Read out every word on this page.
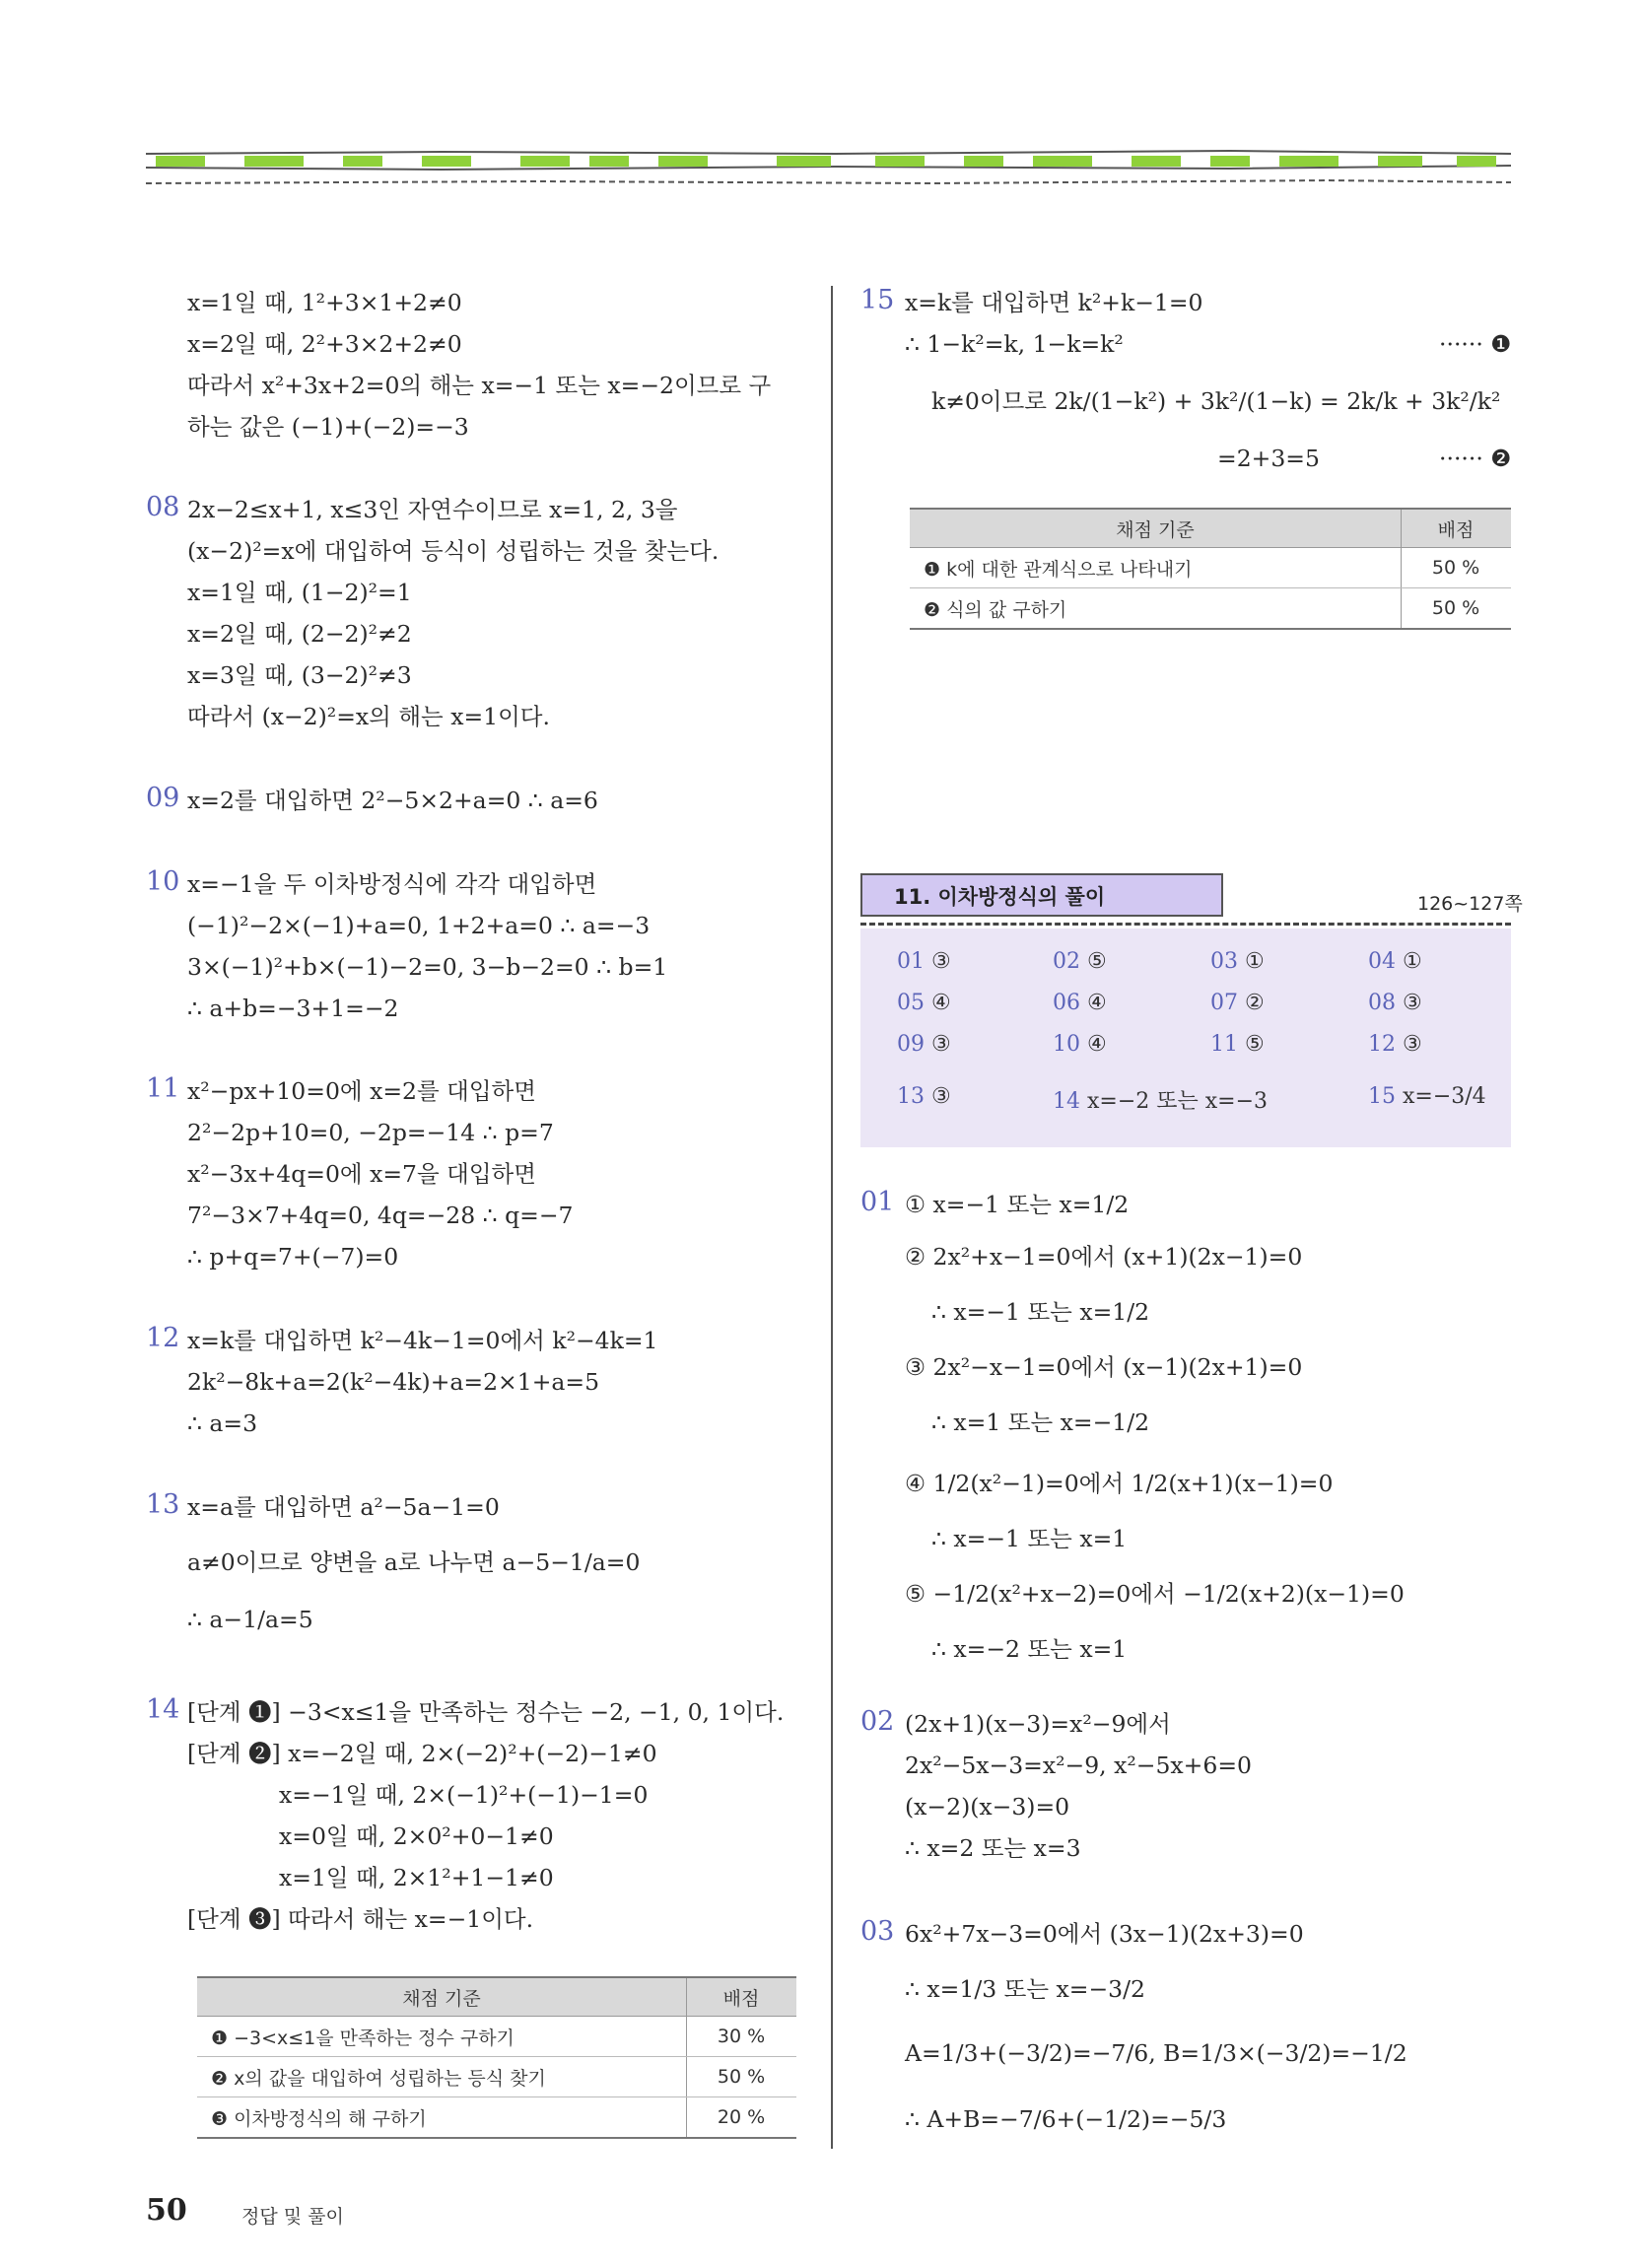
x=1일 때, 1²+3×1+2≠0
x=2일 때, 2²+3×2+2≠0
따라서 x²+3x+2=0의 해는 x=−1 또는 x=−2이므로 구
하는 값은 (−1)+(−2)=−3
08 2x−2≤x+1, x≤3인 자연수이므로 x=1, 2, 3을
(x−2)²=x에 대입하여 등식이 성립하는 것을 찾는다.
x=1일 때, (1−2)²=1
x=2일 때, (2−2)²≠2
x=3일 때, (3−2)²≠3
따라서 (x−2)²=x의 해는 x=1이다.
09 x=2를 대입하면 2²−5×2+a=0 ∴ a=6
10 x=−1을 두 이차방정식에 각각 대입하면
(−1)²−2×(−1)+a=0, 1+2+a=0 ∴ a=−3
3×(−1)²+b×(−1)−2=0, 3−b−2=0 ∴ b=1
∴ a+b=−3+1=−2
11 x²−px+10=0에 x=2를 대입하면
2²−2p+10=0, −2p=−14 ∴ p=7
x²−3x+4q=0에 x=7을 대입하면
7²−3×7+4q=0, 4q=−28 ∴ q=−7
∴ p+q=7+(−7)=0
12 x=k를 대입하면 k²−4k−1=0에서 k²−4k=1
2k²−8k+a=2(k²−4k)+a=2×1+a=5
∴ a=3
13 x=a를 대입하면 a²−5a−1=0
a≠0이므로 양변을 a로 나누면 a−5−1/a=0
∴ a−1/a=5
14 [단계 ❶] −3<x≤1을 만족하는 정수는 −2, −1, 0, 1이다.
[단계 ❷] x=−2일 때, 2×(−2)²+(−2)−1≠0
x=−1일 때, 2×(−1)²+(−1)−1=0
x=0일 때, 2×0²+0−1≠0
x=1일 때, 2×1²+1−1≠0
[단계 ❸] 따라서 해는 x=−1이다.
채점 기준	배점
❶ −3<x≤1을 만족하는 정수 구하기	30 %
❷ x의 값을 대입하여 성립하는 등식 찾기	50 %
❸ 이차방정식의 해 구하기	20 %
15 x=k를 대입하면 k²+k−1=0
∴ 1−k²=k, 1−k=k²	······ ❶
k≠0이므로 2k/(1−k²) + 3k²/(1−k) = 2k/k + 3k²/k²
=2+3=5	······ ❷
채점 기준	배점
❶ k에 대한 관계식으로 나타내기	50 %
❷ 식의 값 구하기	50 %
11. 이차방정식의 풀이	126~127쪽
01 ③	02 ⑤	03 ①	04 ①
05 ④	06 ④	07 ②	08 ③
09 ③	10 ④	11 ⑤	12 ③
13 ③	14 x=−2 또는 x=−3	15 x=−3/4
01 ① x=−1 또는 x=1/2
② 2x²+x−1=0에서 (x+1)(2x−1)=0
∴ x=−1 또는 x=1/2
③ 2x²−x−1=0에서 (x−1)(2x+1)=0
∴ x=1 또는 x=−1/2
④ 1/2(x²−1)=0에서 1/2(x+1)(x−1)=0
∴ x=−1 또는 x=1
⑤ −1/2(x²+x−2)=0에서 −1/2(x+2)(x−1)=0
∴ x=−2 또는 x=1
02 (2x+1)(x−3)=x²−9에서
2x²−5x−3=x²−9, x²−5x+6=0
(x−2)(x−3)=0
∴ x=2 또는 x=3
03 6x²+7x−3=0에서 (3x−1)(2x+3)=0
∴ x=1/3 또는 x=−3/2
A=1/3+(−3/2)=−7/6, B=1/3×(−3/2)=−1/2
∴ A+B=−7/6+(−1/2)=−5/3
50	정답 및 풀이
